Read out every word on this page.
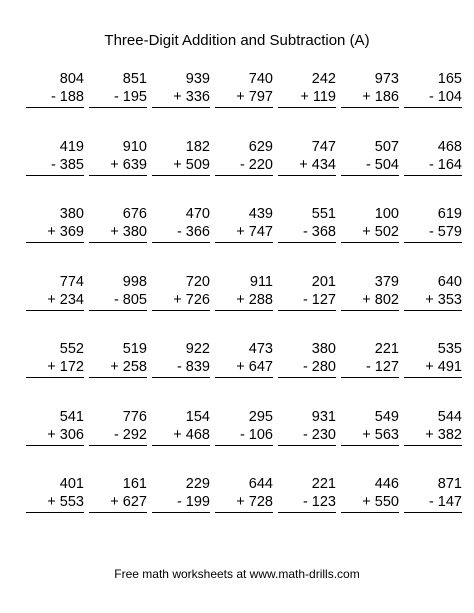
Three-Digit Addition and Subtraction (A)
804
- 188
851
- 195
939
+ 336
740
+ 797
242
+ 119
973
+ 186
165
- 104
419
- 385
910
+ 639
182
+ 509
629
- 220
747
+ 434
507
- 504
468
- 164
380
+ 369
676
+ 380
470
- 366
439
+ 747
551
- 368
100
+ 502
619
- 579
774
+ 234
998
- 805
720
+ 726
911
+ 288
201
- 127
379
+ 802
640
+ 353
552
+ 172
519
+ 258
922
- 839
473
+ 647
380
- 280
221
- 127
535
+ 491
541
+ 306
776
- 292
154
+ 468
295
- 106
931
- 230
549
+ 563
544
+ 382
401
+ 553
161
+ 627
229
- 199
644
+ 728
221
- 123
446
+ 550
871
- 147
Free math worksheets at www.math-drills.com
